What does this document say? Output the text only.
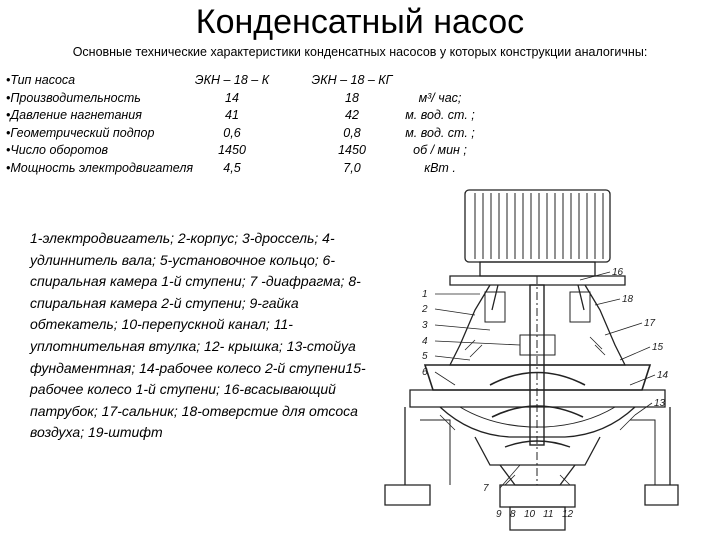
Конденсатный насос
Основные технические характеристики конденсатных насосов у которых конструкции аналогичны:
•Тип насоса	ЭКН – 18 – К	ЭКН – 18 – КГ
•Производительность	14	18	м³/ час;
•Давление нагнетания	41	42	м. вод. ст. ;
•Геометрический подпор	0,6	0,8	м. вод. ст. ;
•Число оборотов	1450	1450	об / мин ;
•Мощность электродвигателя	4,5	7,0	кВт .
1-электродвигатель; 2-корпус; 3-дроссель; 4-удлиннитель вала; 5-установочное кольцо; 6-спиральная камера 1-й ступени; 7 -диафрагма; 8-спиральная камера 2-й ступени; 9-гайка обтекатель; 10-перепускной канал; 11-уплотнительная втулка; 12- крышка; 13-стойуа фундаментная; 14-рабочее колесо 2-й ступени15-рабочее колесо 1-й ступени; 16-всасывающий патрубок; 17-сальник; 18-отверстие для отсоса воздуха; 19-штифт
1
2
3
4
5
6
16
18
17
15
14
13
7
9 8 10 11 12
